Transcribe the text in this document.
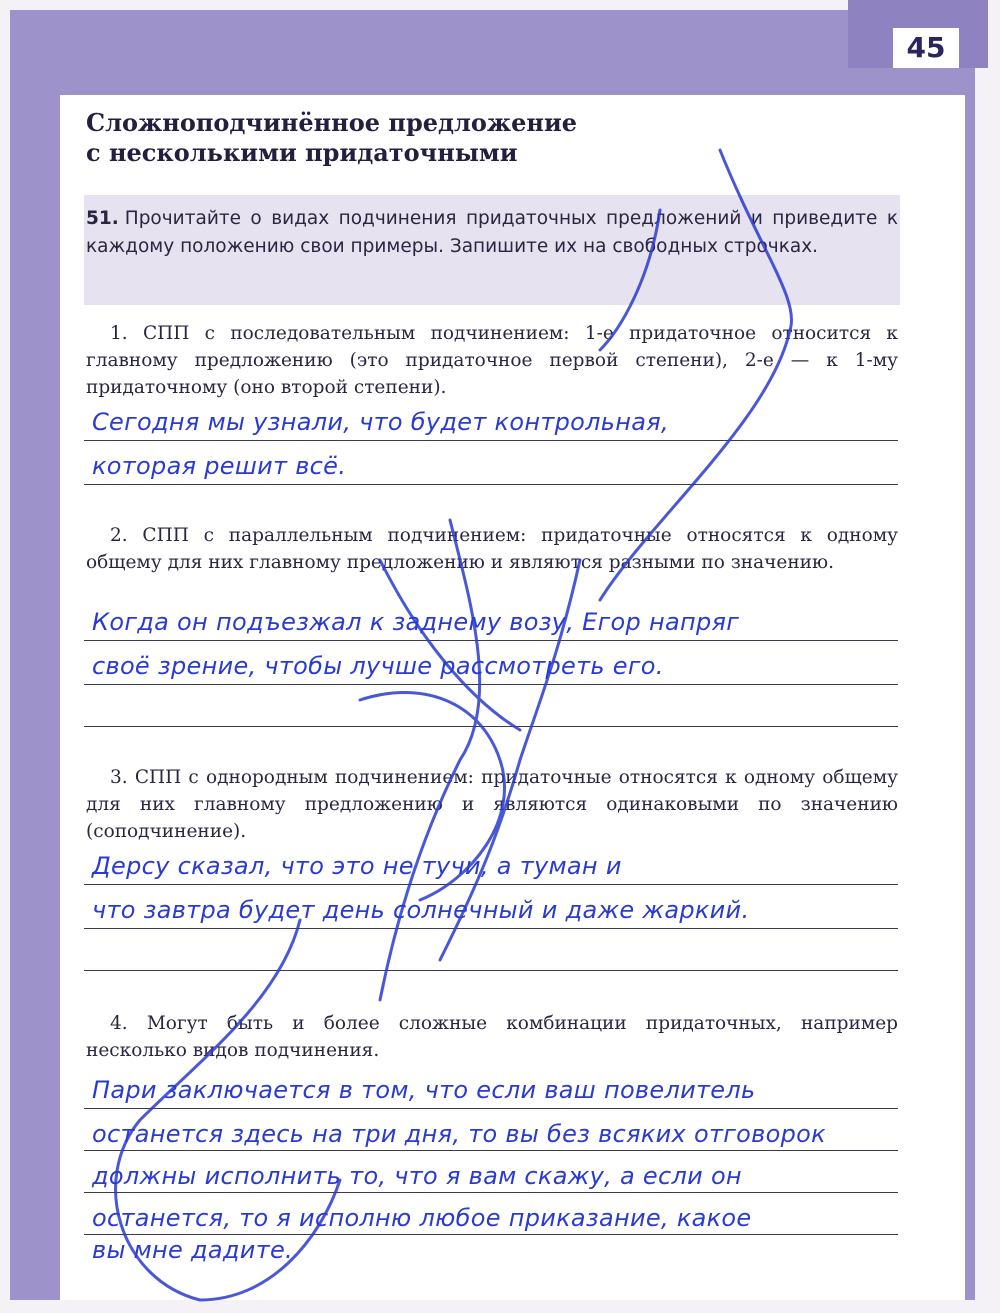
45
Сложноподчинённое предложение
с несколькими придаточными
51. Прочитайте о видах подчинения придаточных предложений и приведите к каждому положению свои примеры. Запишите их на свободных строчках.
1. СПП с последовательным подчинением: 1-е придаточное относится к главному предложению (это придаточное первой степени), 2-е — к 1-му придаточному (оно второй степени).
Сегодня мы узнали, что будет контрольная,
которая решит всё.
2. СПП с параллельным подчинением: придаточные относятся к одному общему для них главному предложению и являются разными по значению.
Когда он подъезжал к заднему возу, Егор напряг
своё зрение, чтобы лучше рассмотреть его.
3. СПП с однородным подчинением: придаточные относятся к одному общему для них главному предложению и являются одинаковыми по значению (соподчинение).
Дерсу сказал, что это не тучи, а туман и
что завтра будет день солнечный и даже жаркий.
4. Могут быть и более сложные комбинации придаточных, например несколько видов подчинения.
Пари заключается в том, что если ваш повелитель
останется здесь на три дня, то вы без всяких отговорок
должны исполнить то, что я вам скажу, а если он
останется, то я исполню любое приказание, какое
вы мне дадите.
